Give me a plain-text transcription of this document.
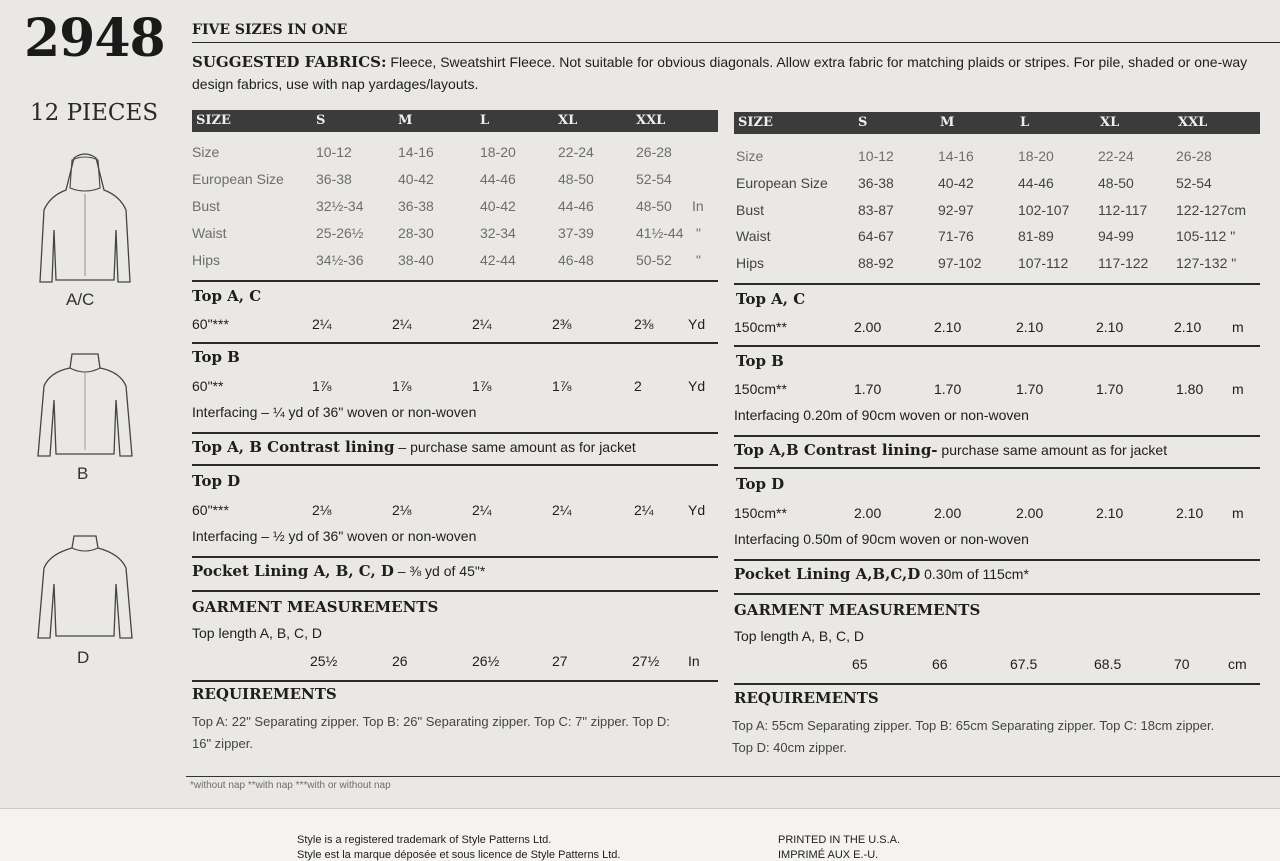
2948
12 PIECES
A/C
B
D
FIVE SIZES IN ONE
SUGGESTED FABRICS: Fleece, Sweatshirt Fleece. Not suitable for obvious diagonals. Allow extra fabric for matching plaids or stripes. For pile, shaded or one-way
design fabrics, use with nap yardages/layouts.
SIZE	S	M	L	XL	XXL
Size	10-12	14-16	18-20	22-24	26-28
European Size 36-38	40-42	44-46	48-50	52-54
Bust	32½-34 36-38	40-42	44-46	48-50 In
Waist	25-26½ 28-30	32-34	37-39	41½-44 "
Hips	34½-36 38-40	42-44	46-48	50-52 "
Top A, C
60"***	2¼	2¼	2¼	2⅜	2⅜ Yd
Top B
60"**	1⅞	1⅞	1⅞	1⅞	2	Yd
Interfacing – ¼ yd of 36" woven or non-woven
Top A, B Contrast lining – purchase same amount as for jacket
Top D
60"***	2⅛	2⅛	2¼	2¼	2¼ Yd
Interfacing – ½ yd of 36" woven or non-woven
Pocket Lining A, B, C, D – ⅜ yd of 45"*
GARMENT MEASUREMENTS
Top length A, B, C, D
25½	26	26½	27	27½ In
REQUIREMENTS
Top A: 22" Separating zipper. Top B: 26" Separating zipper. Top C: 7" zipper. Top D:
16" zipper.
SIZE	S	M	L	XL	XXL
Size	10-12	14-16	18-20	22-24	26-28
European Size 36-38	40-42	44-46	48-50	52-54
Bust	83-87	92-97	102-107 112-117 122-127cm
Waist	64-67	71-76	81-89	94-99	105-112 "
Hips	88-92	97-102	107-112 117-122 127-132 "
Top A, C
150cm**	2.00	2.10	2.10	2.10	2.10 m
Top B
150cm**	1.70	1.70	1.70	1.70	1.80 m
Interfacing 0.20m of 90cm woven or non-woven
Top A,B Contrast lining- purchase same amount as for jacket
Top D
150cm**	2.00	2.00	2.00	2.10	2.10 m
Interfacing 0.50m of 90cm woven or non-woven
Pocket Lining A,B,C,D 0.30m of 115cm*
GARMENT MEASUREMENTS
Top length A, B, C, D
65	66	67.5	68.5	70	cm
REQUIREMENTS
Top A: 55cm Separating zipper. Top B: 65cm Separating zipper. Top C: 18cm zipper.
Top D: 40cm zipper.
*without nap **with nap ***with or without nap
Style is a registered trademark of Style Patterns Ltd.
Style est la marque déposée et sous licence de Style Patterns Ltd.
PRINTED IN THE U.S.A.
IMPRIMÉ AUX E.-U.
